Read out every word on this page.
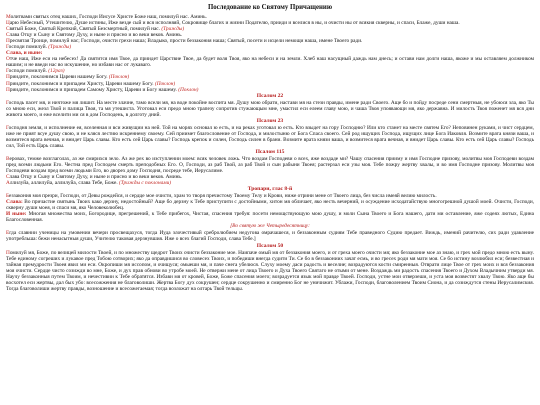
Последование ко Святому Причащению

Молитвами святых отец наших, Господи Иисусе Христе Боже наш, помилуй нас. Аминь.

Царю Небесный, Утешителю, Душе истины, Иже везде сый и вся исполняяй, Сокровище благих и жизни Подателю, прииди и вселися в ны, и очисти ны от всякия скверны, и спаси, Блаже, души наша.

Святый Боже, Святый Крепкий, Святый Безсмертный, помилуй нас. (Трижды)

Слава Отцу и Сыну и Святому Духу, и ныне и присно и во веки веков. Аминь.

Пресвятая Троице, помилуй нас; Господи, очисти грехи наша; Владыко, прости беззакония наша; Святый, посети и исцели немощи наша, имене Твоего ради.

Господи помилуй. (Трижды)

Слава, и ныне:

Отче наш, Иже еси на небесех! Да святится имя Твое, да приидет Царствие Твое, да будет воля Твоя, яко на небеси и на земли. Хлеб наш насущный даждь нам днесь; и остави нам долги наша, якоже и мы оставляем должником нашим; и не введи нас во искушение, но избави нас от лукаваго.

Господи помилуй. (12раз)

Приидите, поклонимся Цареви нашему Богу. (Поклон)

Приидите, поклонимся и припадем Христу, Цареви нашему Богу. (Поклон)

Приидите, поклонимся и припадем Самому Христу, Цареви и Богу нашему. (Поклон)

Псалом 22

Господь пасет мя, и ничтоже мя лишит. На месте злачне, тамо всели мя, на воде покойне воспита мя. Душу мою обрати, настави мя на стези правды, имене ради Своего. Аще бо и пойду посреде сени смертныя, не убоюся зла, яко Ты со мною еси, жезл Твой и палица Твоя, та мя утешиста. Уготовал еси предо мною трапезу сопротив стужающым мне, умастил еси елеем главу мою, и чаша Твоя упоявающи мя, яко державна. И милость Твоя поженет мя вся дни живота моего, и еже вселити ми ся в дом Господень, в долготу дний.

Псалом 23

Господня земля, и исполнение ея, вселенная и вси живущии на ней. Той на морях основал ю есть, и на реках уготовал ю есть. Кто взыдет на гору Господню? Или кто станет на месте святем Его? Неповинен руками, и чист сердцем, иже не прият всуе душу свою, и не кляся лестию искреннему своему. Сей приимет благословение от Господа, и милостыню от Бога Спаса своего. Сей род ищущих Господа, ищущих лице Бога Иаковля. Возмите врата князи ваша, и возмитеся врата вечная, и внидет Царь славы. Кто есть сей Царь славы? Господь крепок и силен, Господь силен в брани. Возмите врата князи ваша, и возмитеся врата вечная, и внидет Царь славы. Кто есть сей Царь славы? Господь сил, Той есть Царь славы.

Псалом 115

Веровах, темже возглаголах, аз же смирихся зело. Аз же рех во изступлении моем: всяк человек ложь. Что воздам Господеви о всех, яже воздаде ми? Чашу спасения прииму и имя Господне призову, молитвы моя Господеви воздам пред всеми людьми Его. Честна пред Господем смерть преподобных Его. О, Господи, аз раб Твой, аз раб Твой и сын рабыни Твоея; растерзал еси узы моя. Тебе пожру жертву хвалы, и во имя Господне призову. Молитвы моя Господеви воздам пред всеми людьми Его, во дворех дому Господня, посреде тебе, Иерусалиме.

Слава Отцу и Сыну и Святому Духу, и ныне и присно и во веки веков. Аминь.

Аллилуйа, аллилуйа, аллилуйа, слава Тебе, Боже. (Трижды с поклонами)

Тропари, глас 8-й

Беззакония моя презри, Господи, от Девы рождейся, и сердце мое очисти, храм то творя пречистому Твоему Телу и Крови, ниже отрини мене от Твоего лица, без числа имеяй велию милость.

Слава: Во причастие святынь Твоих како дерзну, недостойный? Аще бо дерзну к Тебе приступити с достойными, хитон мя обличает, яко несть вечерний, и осуждение исходатайствую многогрешной душой моей. Очисти, Господи, скверну души моея, и спаси мя, яко Человеколюбец.

И ныне: Многая множества моих, Богородице, прегрешений, к Тебе прибегох, Чистая, спасения требуя: посети немощствующую мою душу, и моли Сына Твоего и Бога нашего, дати ми оставление, яже содеях лютых, Едина Благословенная.

[Во святую же Четыредесятницу:

Егда славнии ученицы на умовении вечери просвещахуся, тогда Иуда злочестивый сребролюбием недугова омрачашеся, и беззаконным судиям Тебе праведного Судию предает. Виждь, имений рачителю, сих ради удавление употребльша: бежи ненасытныя души, Учителю таковая дерзнувшия. Иже о всех благий Господи, слава Тебе.]

Псалом 50

Помилуй мя, Боже, по велицей милости Твоей, и по множеству щедрот Твоих очисти беззаконие мое. Наипаче омый мя от беззакония моего, и от греха моего очисти мя; яко беззаконие мое аз знаю, и грех мой предо мною есть выну. Тебе единому согреших и лукавое пред Тобою сотворих; яко да оправдишися во словесех Твоих, и победиши внегда судити Ти. Се бо в беззакониих зачат есмь, и во гресех роди мя мати моя. Се бо истину возлюбил еси; безвестная и тайная премудрости Твоея явил ми еси. Окропиши мя иссопом, и очищуся; омыеши мя, и паче снега убелюся. Слуху моему даси радость и веселие; возрадуются кости смиренныя. Отврати лице Твое от грех моих и вся беззакония моя очисти. Сердце чисто созижди во мне, Боже, и дух прав обнови во утробе моей. Не отвержи мене от лица Твоего и Духа Твоего Святаго не отыми от мене. Воздаждь ми радость спасения Твоего и Духом Владычним утверди мя. Научу беззаконныя путем Твоим, и нечестивии к Тебе обратятся. Избави мя от кровей, Боже, Боже спасения моего; возрадуется язык мой правде Твоей. Господи, устне мои отверзеши, и уста моя возвестят хвалу Твою. Яко аще бы восхотел еси жертвы, дал бых убо: всесожжения не благоволиши. Жертва Богу дух сокрушен; сердце сокрушенно и смиренно Бог не уничижит. Ублажи, Господи, благоволением Твоим Сиона, и да созиждутся стены Иерусалимския. Тогда благоволиши жертву правды, возношение и всесожегаемая; тогда возложат на олтарь Твой тельцы.
